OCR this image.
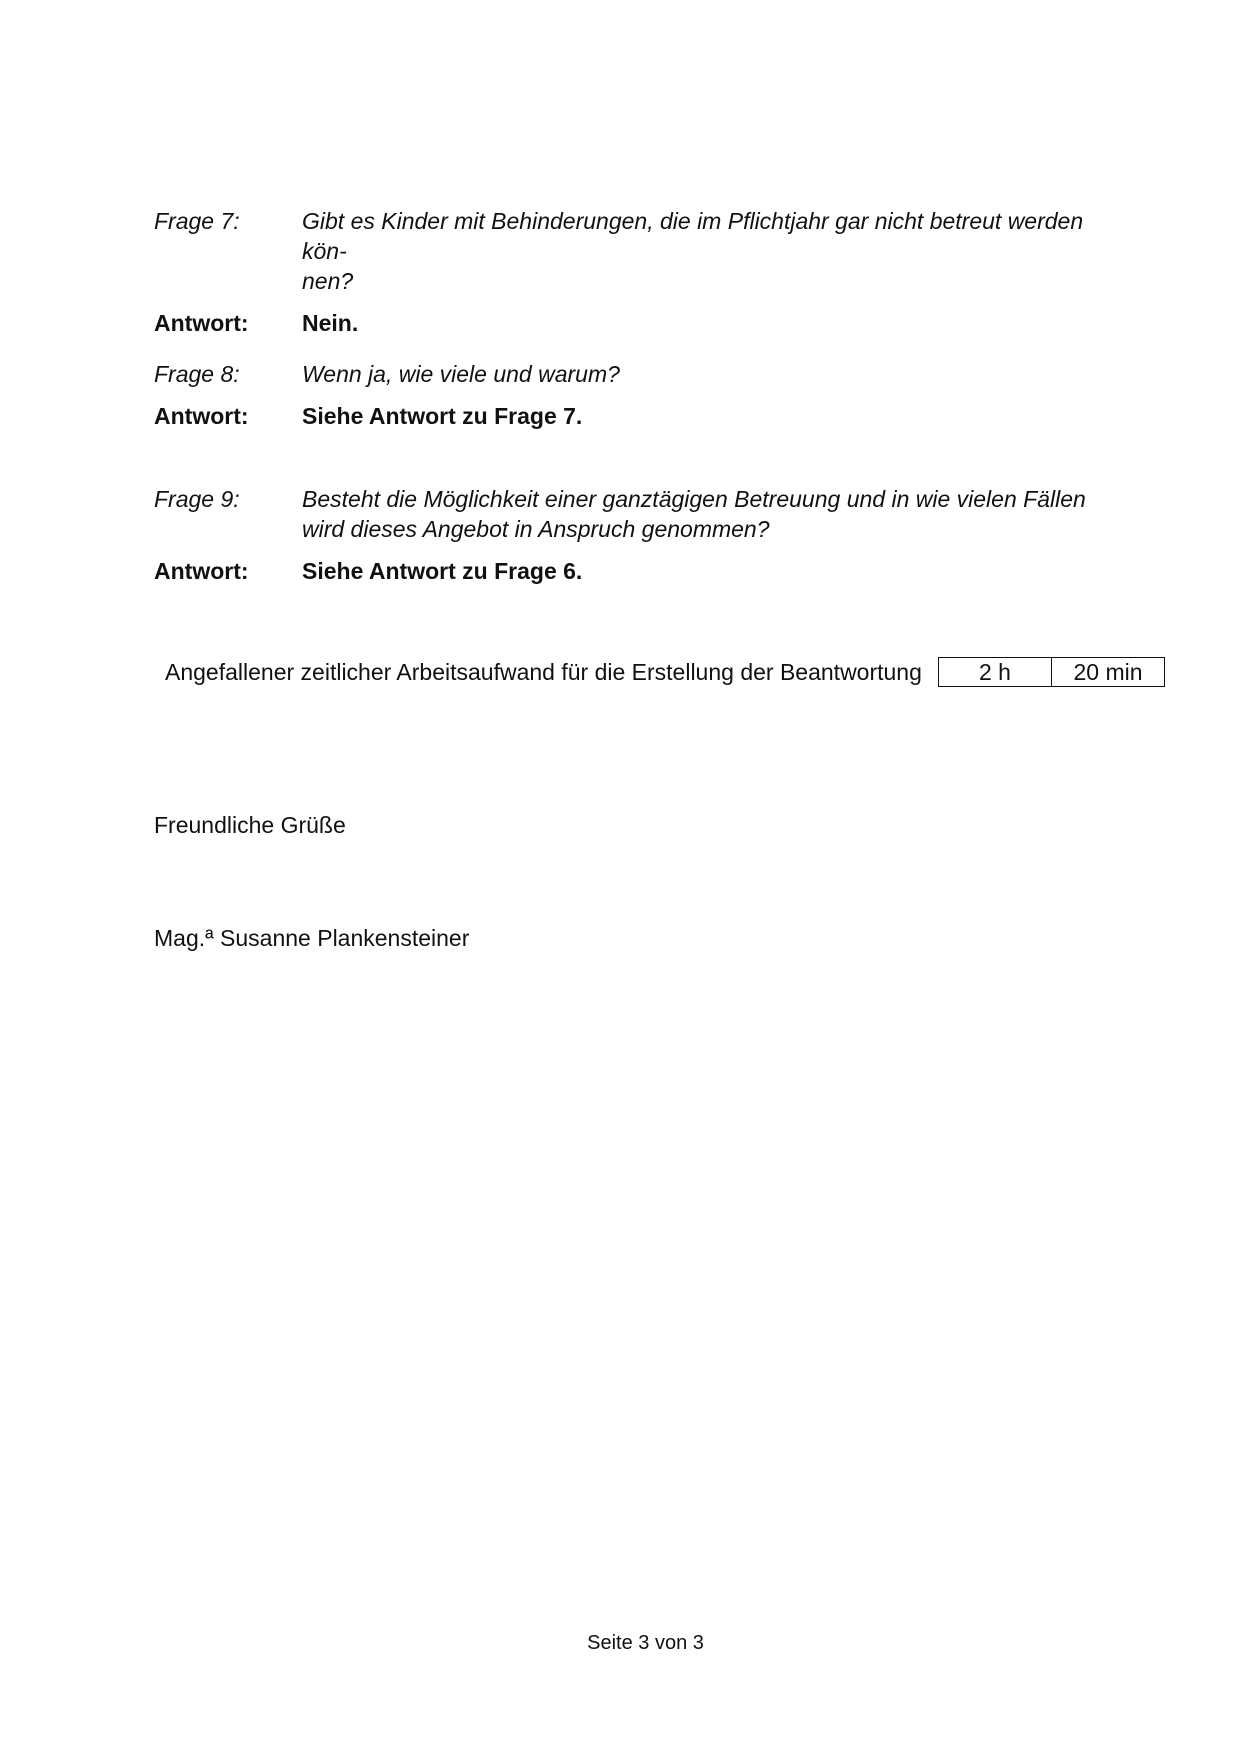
Frage 7:	Gibt es Kinder mit Behinderungen, die im Pflichtjahr gar nicht betreut werden kön-
nen?
Antwort:	Nein.
Frage 8:	Wenn ja, wie viele und warum?
Antwort:	Siehe Antwort zu Frage 7.
Frage 9:	Besteht die Möglichkeit einer ganztägigen Betreuung und in wie vielen Fällen wird dieses Angebot in Anspruch genommen?
Antwort:	Siehe Antwort zu Frage 6.
Angefallener zeitlicher Arbeitsaufwand für die Erstellung der Beantwortung	2 h	20 min
Freundliche Grüße
Mag.ª Susanne Plankensteiner
Seite 3 von 3
